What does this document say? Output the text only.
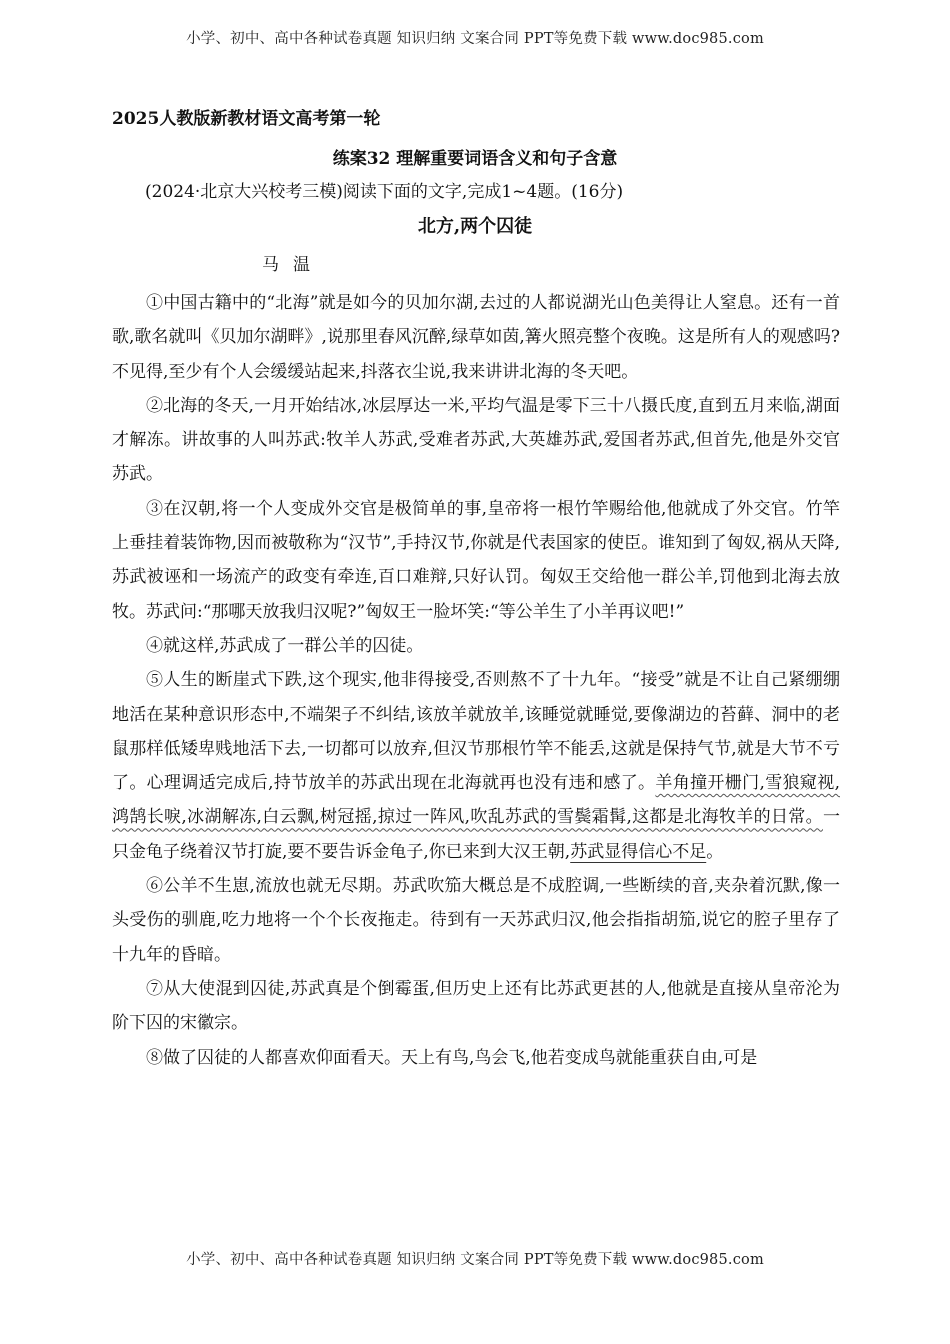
小学、初中、高中各种试卷真题 知识归纳 文案合同 PPT等免费下载 www.doc985.com
2025人教版新教材语文高考第一轮
练案32 理解重要词语含义和句子含意
(2024·北京大兴校考三模)阅读下面的文字,完成1~4题。(16分)
北方,两个囚徒
马温

①中国古籍中的“北海”就是如今的贝加尔湖,去过的人都说湖光山色美得让人窒息。还有一首歌,歌名就叫《贝加尔湖畔》,说那里春风沉醉,绿草如茵,篝火照亮整个夜晚。这是所有人的观感吗?不见得,至少有个人会缓缓站起来,抖落衣尘说,我来讲讲北海的冬天吧。

②北海的冬天,一月开始结冰,冰层厚达一米,平均气温是零下三十八摄氏度,直到五月来临,湖面才解冻。讲故事的人叫苏武:牧羊人苏武,受难者苏武,大英雄苏武,爱国者苏武,但首先,他是外交官苏武。

③在汉朝,将一个人变成外交官是极简单的事,皇帝将一根竹竿赐给他,他就成了外交官。竹竿上垂挂着装饰物,因而被敬称为“汉节”,手持汉节,你就是代表国家的使臣。谁知到了匈奴,祸从天降,苏武被诬和一场流产的政变有牵连,百口难辩,只好认罚。匈奴王交给他一群公羊,罚他到北海去放牧。苏武问:“那哪天放我归汉呢?”匈奴王一脸坏笑:“等公羊生了小羊再议吧!”

④就这样,苏武成了一群公羊的囚徒。

⑤人生的断崖式下跌,这个现实,他非得接受,否则熬不了十九年。“接受”就是不让自己紧绷绷地活在某种意识形态中,不端架子不纠结,该放羊就放羊,该睡觉就睡觉,要像湖边的苔藓、洞中的老鼠那样低矮卑贱地活下去,一切都可以放弃,但汉节那根竹竿不能丢,这就是保持气节,就是大节不亏了。心理调适完成后,持节放羊的苏武出现在北海就再也没有违和感了。羊角撞开栅门,雪狼窥视,鸿鹄长唳,冰湖解冻,白云飘,树冠摇,掠过一阵风,吹乱苏武的雪鬓霜髯,这都是北海牧羊的日常。一只金龟子绕着汉节打旋,要不要告诉金龟子,你已来到大汉王朝,苏武显得信心不足。

⑥公羊不生崽,流放也就无尽期。苏武吹笳大概总是不成腔调,一些断续的音,夹杂着沉默,像一头受伤的驯鹿,吃力地将一个个长夜拖走。待到有一天苏武归汉,他会指指胡笳,说它的腔子里存了十九年的昏暗。

⑦从大使混到囚徒,苏武真是个倒霉蛋,但历史上还有比苏武更甚的人,他就是直接从皇帝沦为阶下囚的宋徽宗。

⑧做了囚徒的人都喜欢仰面看天。天上有鸟,鸟会飞,他若变成鸟就能重获自由,可是

小学、初中、高中各种试卷真题 知识归纳 文案合同 PPT等免费下载 www.doc985.com
